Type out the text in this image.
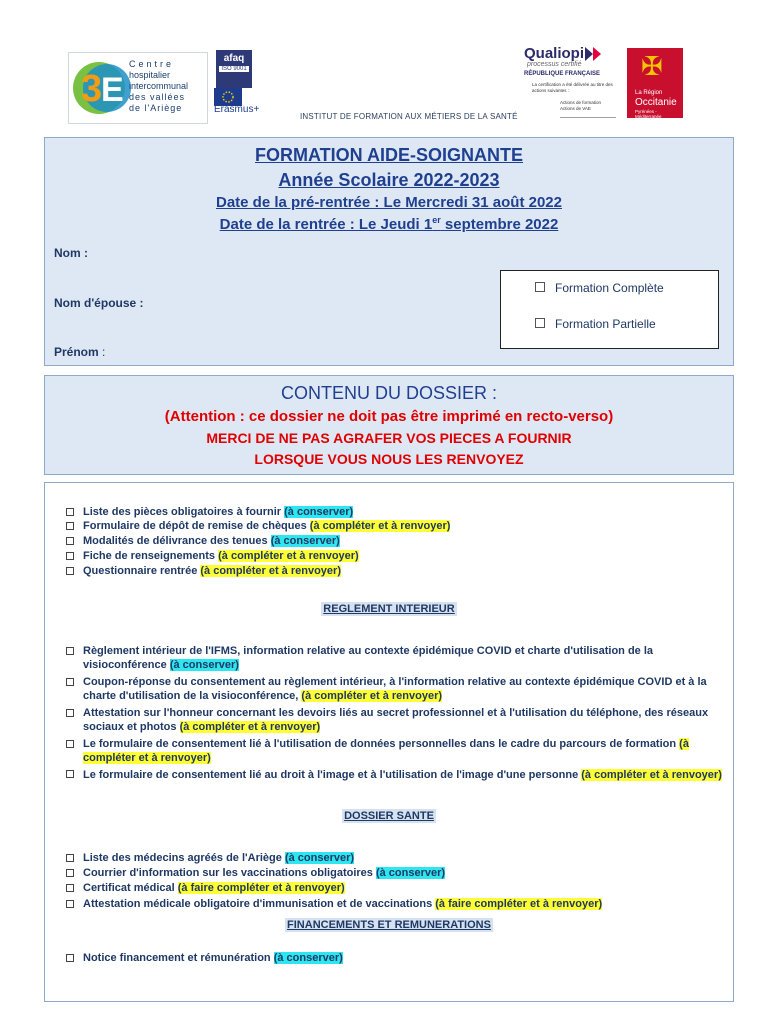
3
E
Centre
hospitalier
intercommunal
des vallées
de l'Ariège
afaq
ISO 9001
Erasmus+
INSTITUT DE FORMATION AUX MÉTIERS DE LA SANTÉ
Qualiopi
processus certifié
RÉPUBLIQUE FRANÇAISE
La certification a été délivrée au titre des actions suivantes :
Actions de formation
Actions de VAE
✠
La Région
Occitanie
Pyrénées - Méditerranée
FORMATION AIDE-SOIGNANTE
Année Scolaire 2022-2023
Date de la pré-rentrée : Le Mercredi 31 août 2022
Date de la rentrée : Le Jeudi 1er septembre 2022
Nom :
Nom d'épouse :
Prénom :
Formation Complète
Formation Partielle
CONTENU DU DOSSIER :
(Attention : ce dossier ne doit pas être imprimé en recto-verso)
MERCI DE NE PAS AGRAFER VOS PIECES A FOURNIR
LORSQUE VOUS NOUS LES RENVOYEZ
Liste des pièces obligatoires à fournir (à conserver)
Formulaire de dépôt de remise de chèques (à compléter et à renvoyer)
Modalités de délivrance des tenues (à conserver)
Fiche de renseignements (à compléter et à renvoyer)
Questionnaire rentrée (à compléter et à renvoyer)
REGLEMENT INTERIEUR
Règlement intérieur de l'IFMS, information relative au contexte épidémique COVID et charte d'utilisation de la visioconférence (à conserver)
Coupon-réponse du consentement au règlement intérieur, à l'information relative au contexte épidémique COVID et à la charte d'utilisation de la visioconférence, (à compléter et à renvoyer)
Attestation sur l'honneur concernant les devoirs liés au secret professionnel et à l'utilisation du téléphone, des réseaux sociaux et photos (à compléter et à renvoyer)
Le formulaire de consentement lié à l'utilisation de données personnelles dans le cadre du parcours de formation (à compléter et à renvoyer)
Le formulaire de consentement lié au droit à l'image et à l'utilisation de l'image d'une personne (à compléter et à renvoyer)
DOSSIER SANTE
Liste des médecins agréés de l'Ariège (à conserver)
Courrier d'information sur les vaccinations obligatoires (à conserver)
Certificat médical (à faire compléter et à renvoyer)
Attestation médicale obligatoire d'immunisation et de vaccinations (à faire compléter et à renvoyer)
FINANCEMENTS ET REMUNERATIONS
Notice financement et rémunération (à conserver)
